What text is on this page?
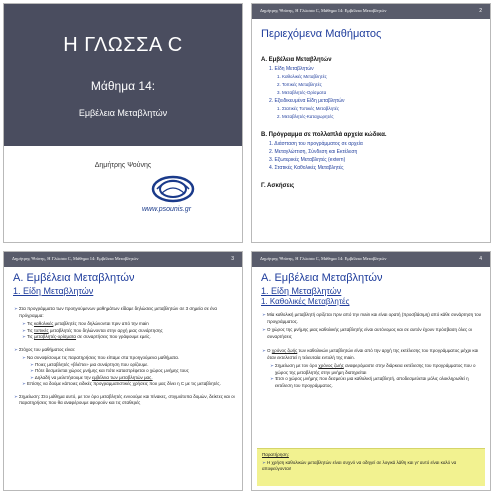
Η ΓΛΩΣΣΑ C
Μάθημα 14:
Εμβέλεια Μεταβλητών
Δημήτρης Ψούνης
www.psounis.gr
Δημήτρης Ψούνης, Η Γλώσσα C, Μάθημα 14: Εμβέλεια Μεταβλητών	2
Περιεχόμενα Μαθήματος
Α. Εμβέλεια Μεταβλητών
1. Είδη Μεταβλητών
1. Καθολικές Μεταβλητές
2. Τοπικές Μεταβλητές
3. Μεταβλητές-Ορίσματα
2. Εξειδικευμένα Είδη μεταβλητών
1. Στατικές Τοπικές Μεταβλητές
2. Μεταβλητές-Καταχωρητές
Β. Πρόγραμμα σε πολλαπλά αρχεία κώδικα.
1. Διάσπαση του προγράμματος σε αρχεία
2. Μεταγλώττιση, Σύνδεση και Εκτέλεση
3. Εξωτερικές Μεταβλητές (extern)
4. Στατικές Καθολικές Μεταβλητές
Γ. Ασκήσεις
Δημήτρης Ψούνης, Η Γλώσσα C, Μάθημα 14: Εμβέλεια Μεταβλητών	3
Α. Εμβέλεια Μεταβλητών
1. Είδη Μεταβλητών
➢ Στα προγράμματα των προηγούμενων μαθημάτων είδαμε δηλώσεις μεταβλητών σε 3 σημεία σε ένα πρόγραμμα:
➢ Τις καθολικές μεταβλητές που δηλώνονται πριν από την main
➢ Τις τοπικές μεταβλητές που δηλώνονται στην αρχή μιας συνάρτησης
➢ Τις μεταβλητές-ορίσματα σε συναρτήσεις που γράφουμε εμείς.
➢ Στόχος του μαθήματος είναι:
➢ Να συνοψίσουμε τις παρατηρήσεις που είπαμε στα προηγούμενα μαθήματα.
➢ Ποιες μεταβλητές «βλέπει» μια συνάρτηση που ορίζουμε.
➢ Πότε δεσμεύεται χώρος μνήμης και πότε καταστρέφεται ο χώρος μνήμης τους
➢ Δηλαδή να μελετήσουμε την εμβέλεια των μεταβλητών μας.
➢ Επίσης να δούμε κάποιες ειδικές προγραμματιστικές χρήσεις που μας δίνει η C με τις μεταβλητές.
➢ Σημείωση: Στο μάθημα αυτό, με τον όρο μεταβλητές εννοούμε και πίνακες, στιγμιότυπα δομών, δείκτες και οι παρατηρήσεις που θα αναφέρουμε αφορούν και τις σταθερές
Δημήτρης Ψούνης, Η Γλώσσα C, Μάθημα 14: Εμβέλεια Μεταβλητών	4
Α. Εμβέλεια Μεταβλητών
1. Είδη Μεταβλητών
1. Καθολικές Μεταβλητές
➢ Μία καθολική μεταβλητή ορίζεται πριν από την main και είναι ορατή (προσβάσιμη) από κάθε συνάρτηση του προγράμματος.
➢ Ο χώρος της μνήμης μιας καθολικής μεταβλητής είναι αυτόνομος και σε αυτόν έχουν πρόσβαση όλες οι συναρτήσεις
➢ Ο χρόνος ζωής των καθολικών μεταβλητών είναι από την αρχή της εκτέλεσης του προγράμματος μέχρι και όταν εκτελεστεί η τελευταία εντολή της main.
➢ Σημείωση με τον όρο χρόνος ζωής αναφερόμαστε στην διάρκεια εκτέλεσης του προγράμματος που ο χώρος της μεταβλητής στην μνήμη διατηρείται
➢ Έτσι ο χώρος μνήμης που δεσμεύει μια καθολική μεταβλητή, αποδεσμεύεται μόλις ολοκληρωθεί η εκτέλεση του προγράμματος.
Παρατήρηση:
➢ Η χρήση καθολικών μεταβλητών είναι συχνό να οδηγεί σε λογικά λάθη και γι' αυτό είναι καλό να αποφεύγονται!
